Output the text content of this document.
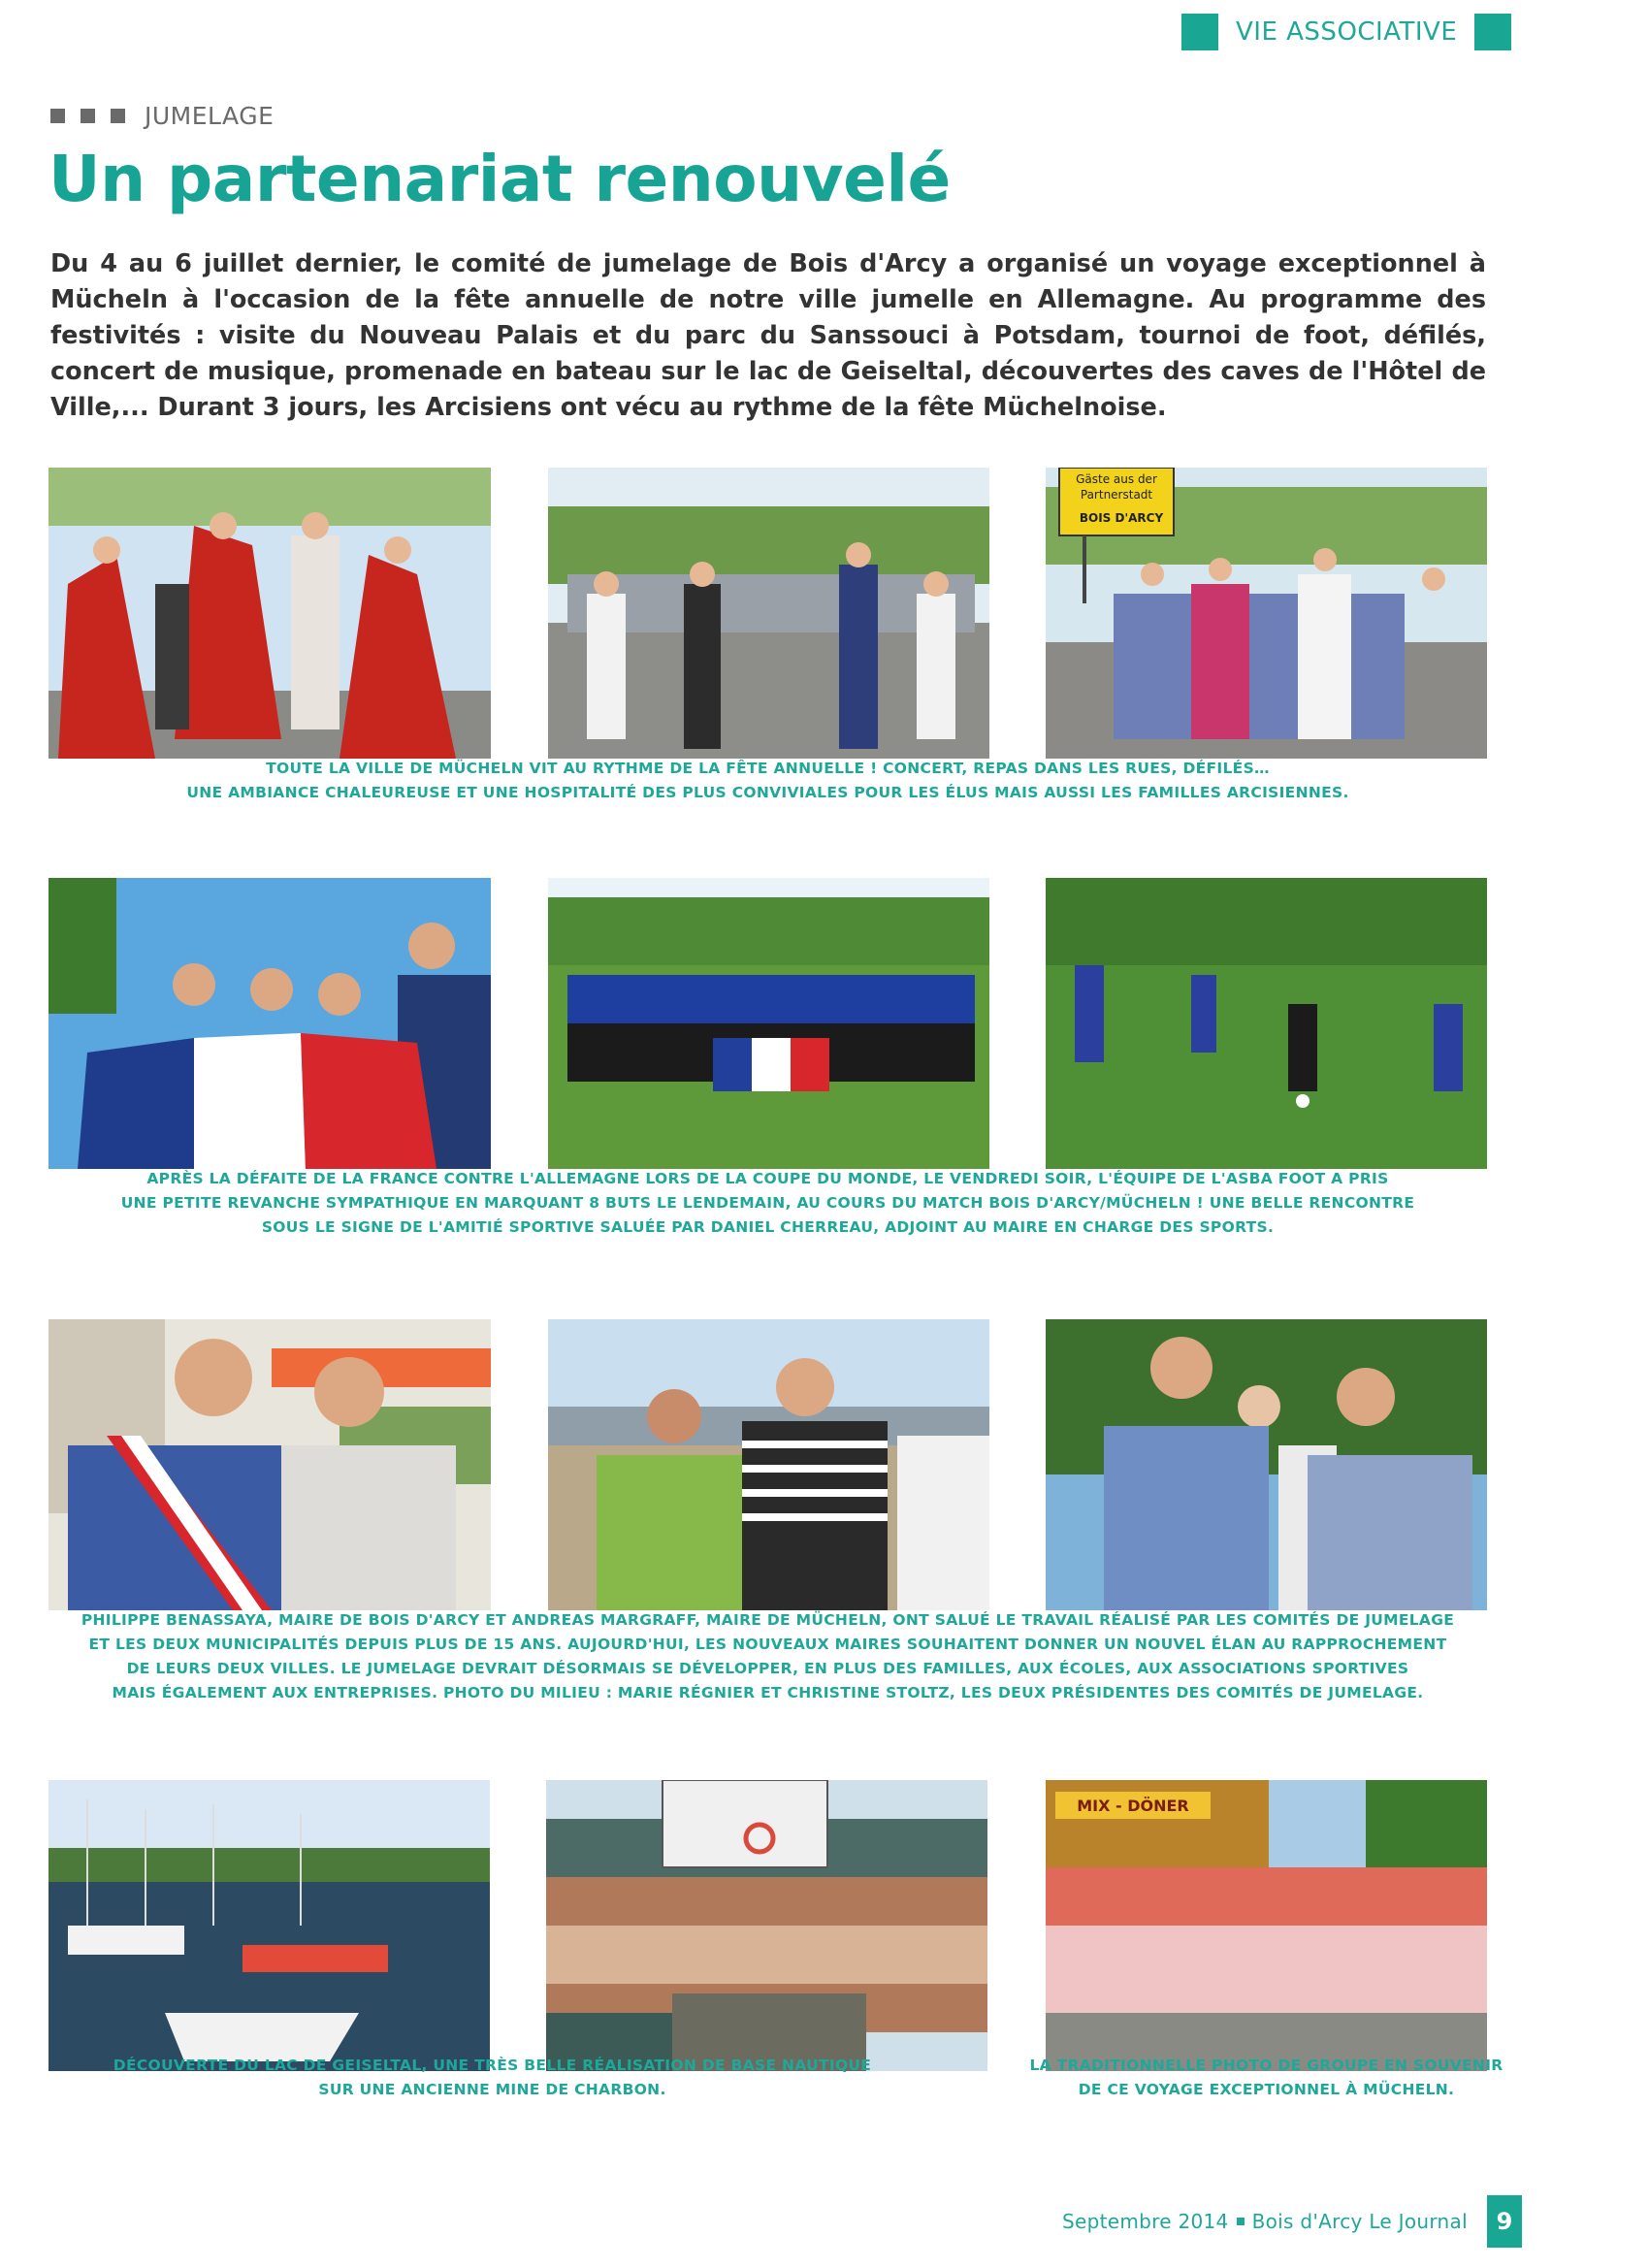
VIE ASSOCIATIVE
JUMELAGE
Un partenariat renouvelé

Du 4 au 6 juillet dernier, le comité de jumelage de Bois d'Arcy a organisé un voyage exceptionnel à Mücheln à l'occasion de la fête annuelle de notre ville jumelle en Allemagne. Au programme des festivités : visite du Nouveau Palais et du parc du Sanssouci à Potsdam, tournoi de foot, défilés, concert de musique, promenade en bateau sur le lac de Geiseltal, découvertes des caves de l'Hôtel de Ville,... Durant 3 jours, les Arcisiens ont vécu au rythme de la fête Müchelnoise.

Gäste aus der
Partnerstadt
BOIS D'ARCY

TOUTE LA VILLE DE MÜCHELN VIT AU RYTHME DE LA FÊTE ANNUELLE ! CONCERT, REPAS DANS LES RUES, DÉFILÉS…

UNE AMBIANCE CHALEUREUSE ET UNE HOSPITALITÉ DES PLUS CONVIVIALES POUR LES ÉLUS MAIS AUSSI LES FAMILLES ARCISIENNES.

APRÈS LA DÉFAITE DE LA FRANCE CONTRE L'ALLEMAGNE LORS DE LA COUPE DU MONDE, LE VENDREDI SOIR, L'ÉQUIPE DE L'ASBA FOOT A PRIS

UNE PETITE REVANCHE SYMPATHIQUE EN MARQUANT 8 BUTS LE LENDEMAIN, AU COURS DU MATCH BOIS D'ARCY/MÜCHELN ! UNE BELLE RENCONTRE

SOUS LE SIGNE DE L'AMITIÉ SPORTIVE SALUÉE PAR DANIEL CHERREAU, ADJOINT AU MAIRE EN CHARGE DES SPORTS.

PHILIPPE BENASSAYA, MAIRE DE BOIS D'ARCY ET ANDREAS MARGRAFF, MAIRE DE MÜCHELN, ONT SALUÉ LE TRAVAIL RÉALISÉ PAR LES COMITÉS DE JUMELAGE

ET LES DEUX MUNICIPALITÉS DEPUIS PLUS DE 15 ANS. AUJOURD'HUI, LES NOUVEAUX MAIRES SOUHAITENT DONNER UN NOUVEL ÉLAN AU RAPPROCHEMENT

DE LEURS DEUX VILLES. LE JUMELAGE DEVRAIT DÉSORMAIS SE DÉVELOPPER, EN PLUS DES FAMILLES, AUX ÉCOLES, AUX ASSOCIATIONS SPORTIVES

MAIS ÉGALEMENT AUX ENTREPRISES. PHOTO DU MILIEU : MARIE RÉGNIER ET CHRISTINE STOLTZ, LES DEUX PRÉSIDENTES DES COMITÉS DE JUMELAGE.

MIX - DÖNER

DÉCOUVERTE DU LAC DE GEISELTAL, UNE TRÈS BELLE RÉALISATION DE BASE NAUTIQUE

SUR UNE ANCIENNE MINE DE CHARBON.

LA TRADITIONNELLE PHOTO DE GROUPE EN SOUVENIR

DE CE VOYAGE EXCEPTIONNEL À MÜCHELN.

Septembre 2014 Bois d'Arcy Le Journal	9
